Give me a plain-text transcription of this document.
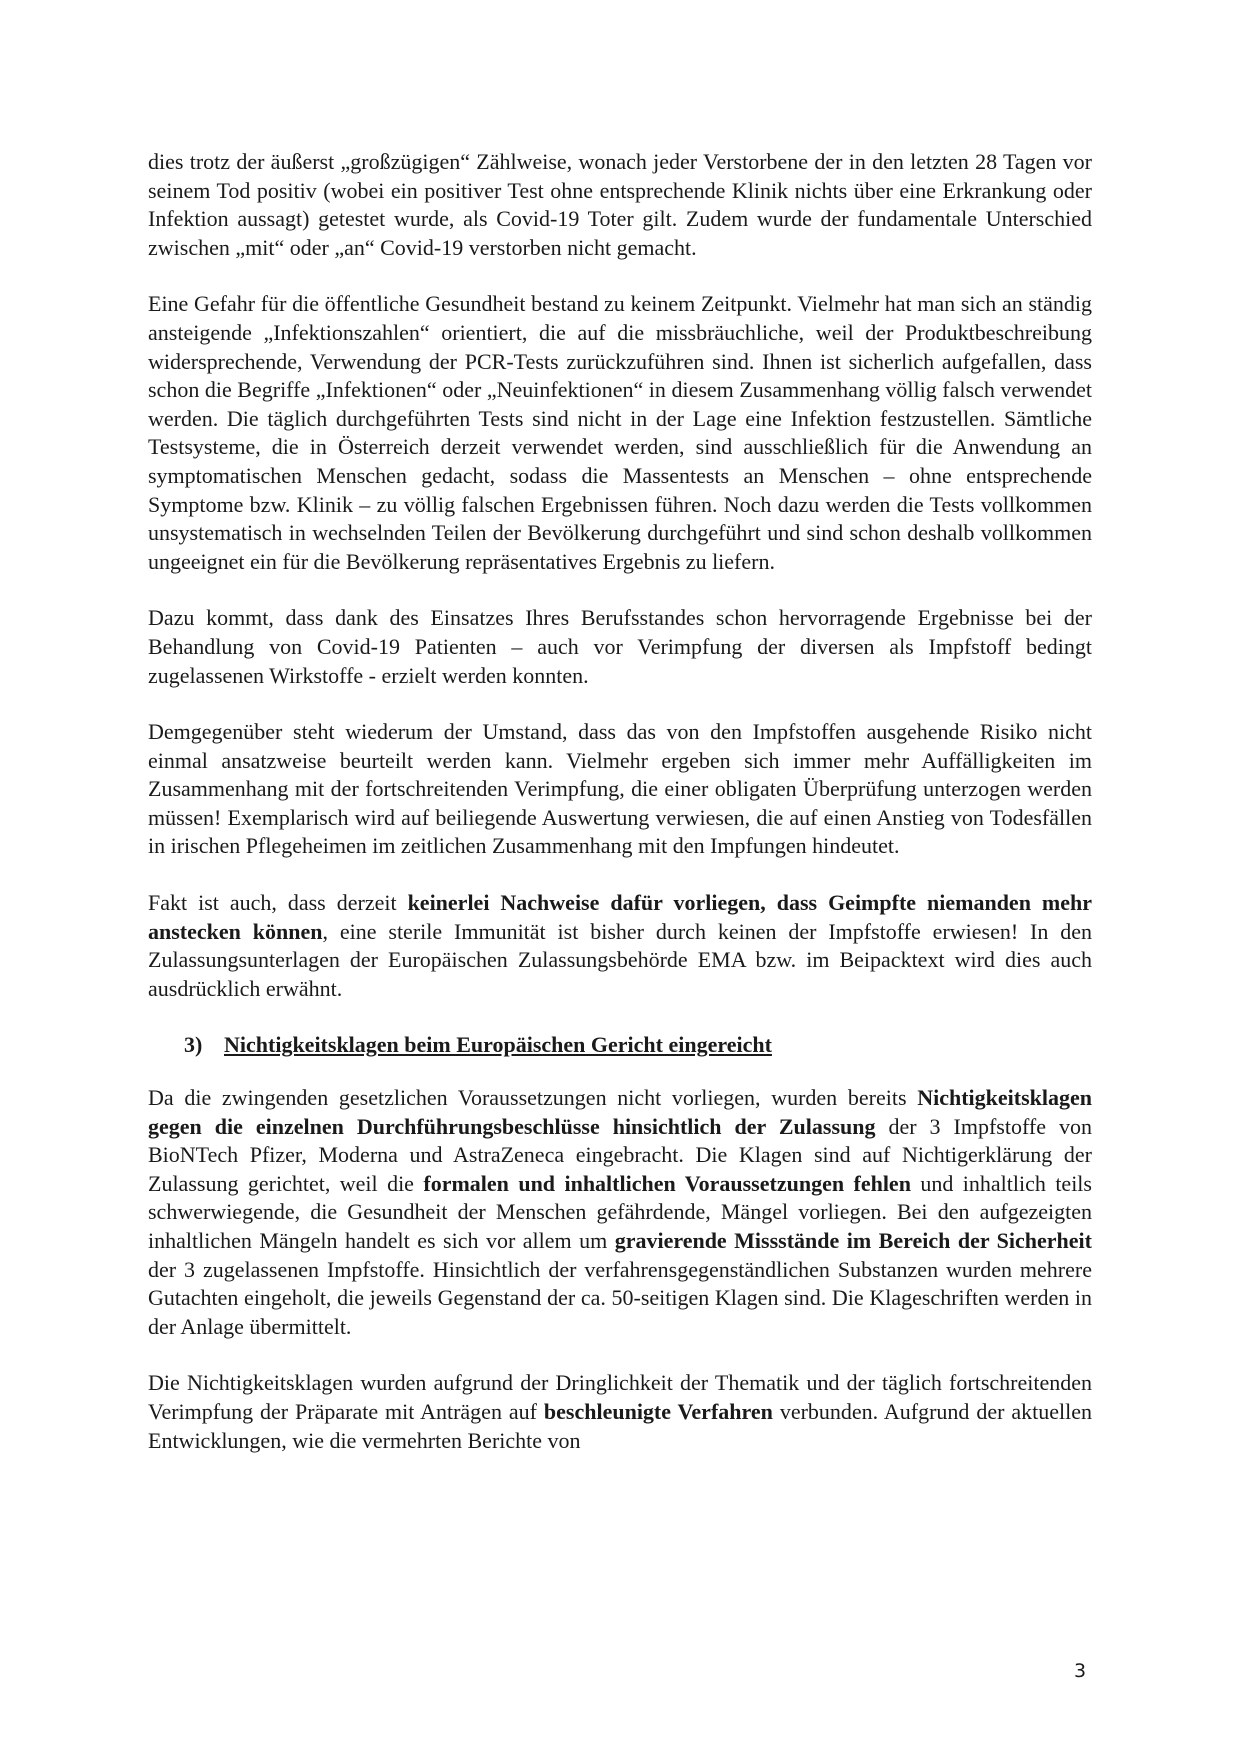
dies trotz der äußerst „großzügigen“ Zählweise, wonach jeder Verstorbene der in den letzten 28 Tagen vor seinem Tod positiv (wobei ein positiver Test ohne entsprechende Klinik nichts über eine Erkrankung oder Infektion aussagt) getestet wurde, als Covid-19 Toter gilt. Zudem wurde der fundamentale Unterschied zwischen „mit“ oder „an“ Covid-19 verstorben nicht gemacht.

Eine Gefahr für die öffentliche Gesundheit bestand zu keinem Zeitpunkt. Vielmehr hat man sich an ständig ansteigende „Infektionszahlen“ orientiert, die auf die missbräuchliche, weil der Produktbeschreibung widersprechende, Verwendung der PCR-Tests zurückzuführen sind. Ihnen ist sicherlich aufgefallen, dass schon die Begriffe „Infektionen“ oder „Neuinfektionen“ in diesem Zusammenhang völlig falsch verwendet werden. Die täglich durchgeführten Tests sind nicht in der Lage eine Infektion festzustellen. Sämtliche Testsysteme, die in Österreich derzeit verwendet werden, sind ausschließlich für die Anwendung an symptomatischen Menschen gedacht, sodass die Massentests an Menschen – ohne entsprechende Symptome bzw. Klinik – zu völlig falschen Ergebnissen führen. Noch dazu werden die Tests vollkommen unsystematisch in wechselnden Teilen der Bevölkerung durchgeführt und sind schon deshalb vollkommen ungeeignet ein für die Bevölkerung repräsentatives Ergebnis zu liefern.

Dazu kommt, dass dank des Einsatzes Ihres Berufsstandes schon hervorragende Ergebnisse bei der Behandlung von Covid-19 Patienten – auch vor Verimpfung der diversen als Impfstoff bedingt zugelassenen Wirkstoffe - erzielt werden konnten.

Demgegenüber steht wiederum der Umstand, dass das von den Impfstoffen ausgehende Risiko nicht einmal ansatzweise beurteilt werden kann. Vielmehr ergeben sich immer mehr Auffälligkeiten im Zusammenhang mit der fortschreitenden Verimpfung, die einer obligaten Überprüfung unterzogen werden müssen! Exemplarisch wird auf beiliegende Auswertung verwiesen, die auf einen Anstieg von Todesfällen in irischen Pflegeheimen im zeitlichen Zusammenhang mit den Impfungen hindeutet.

Fakt ist auch, dass derzeit keinerlei Nachweise dafür vorliegen, dass Geimpfte niemanden mehr anstecken können, eine sterile Immunität ist bisher durch keinen der Impfstoffe erwiesen! In den Zulassungsunterlagen der Europäischen Zulassungsbehörde EMA bzw. im Beipacktext wird dies auch ausdrücklich erwähnt.

3) Nichtigkeitsklagen beim Europäischen Gericht eingereicht

Da die zwingenden gesetzlichen Voraussetzungen nicht vorliegen, wurden bereits Nichtigkeitsklagen gegen die einzelnen Durchführungsbeschlüsse hinsichtlich der Zulassung der 3 Impfstoffe von BioNTech Pfizer, Moderna und AstraZeneca eingebracht. Die Klagen sind auf Nichtigerklärung der Zulassung gerichtet, weil die formalen und inhaltlichen Voraussetzungen fehlen und inhaltlich teils schwerwiegende, die Gesundheit der Menschen gefährdende, Mängel vorliegen. Bei den aufgezeigten inhaltlichen Mängeln handelt es sich vor allem um gravierende Missstände im Bereich der Sicherheit der 3 zugelassenen Impfstoffe. Hinsichtlich der verfahrensgegenständlichen Substanzen wurden mehrere Gutachten eingeholt, die jeweils Gegenstand der ca. 50-seitigen Klagen sind. Die Klageschriften werden in der Anlage übermittelt.

Die Nichtigkeitsklagen wurden aufgrund der Dringlichkeit der Thematik und der täglich fortschreitenden Verimpfung der Präparate mit Anträgen auf beschleunigte Verfahren verbunden. Aufgrund der aktuellen Entwicklungen, wie die vermehrten Berichte von

3
